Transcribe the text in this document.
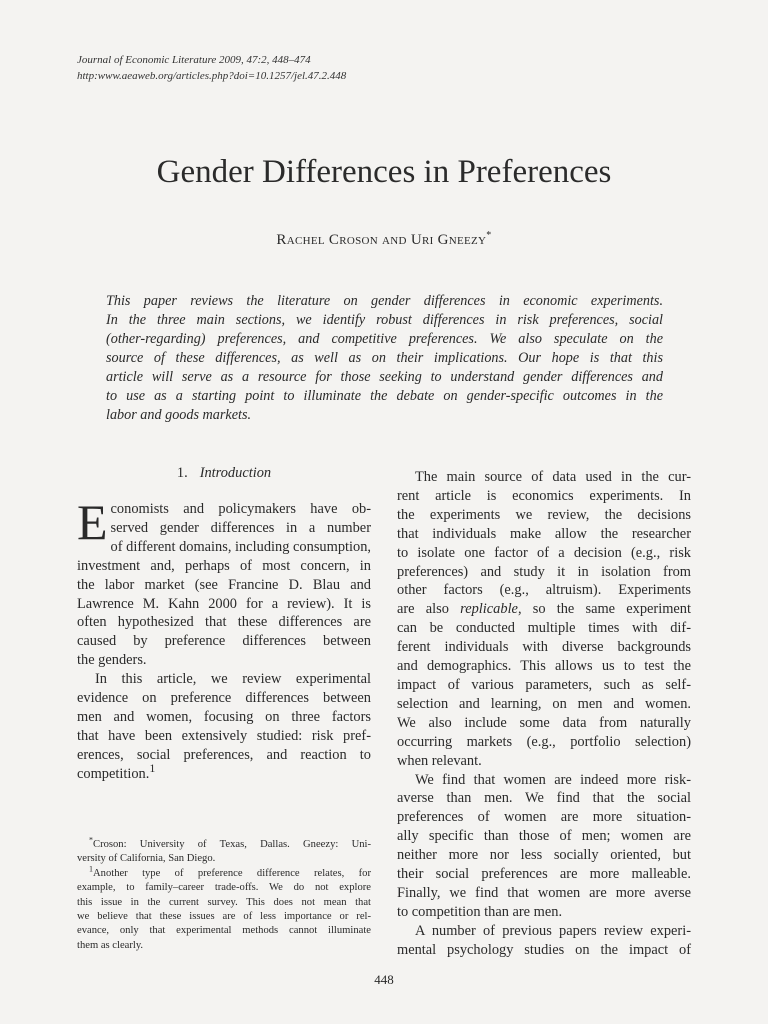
Journal of Economic Literature 2009, 47:2, 448–474
http:www.aeaweb.org/articles.php?doi=10.1257/jel.47.2.448
Gender Differences in Preferences
Rachel Croson and Uri Gneezy*
This paper reviews the literature on gender differences in economic experiments.
In the three main sections, we identify robust differences in risk preferences, social
(other-regarding) preferences, and competitive preferences. We also speculate on the
source of these differences, as well as on their implications. Our hope is that this
article will serve as a resource for those seeking to understand gender differences and
to use as a starting point to illuminate the debate on gender-specific outcomes in the
labor and goods markets.
1. Introduction
E conomists and policymakers have ob-
served gender differences in a number
of different domains, including consumption,
investment and, perhaps of most concern, in
the labor market (see Francine D. Blau and
Lawrence M. Kahn 2000 for a review). It is
often hypothesized that these differences are
caused by preference differences between
the genders.
In this article, we review experimental
evidence on preference differences between
men and women, focusing on three factors
that have been extensively studied: risk pref-
erences, social preferences, and reaction to
competition.$^1$
*Croson: University of Texas, Dallas. Gneezy: Uni-
versity of California, San Diego.
$^1$Another type of preference difference relates, for
example, to family–career trade-offs. We do not explore
this issue in the current survey. This does not mean that
we believe that these issues are of less importance or rel-
evance, only that experimental methods cannot illuminate
them as clearly.
The main source of data used in the cur-
rent article is economics experiments. In
the experiments we review, the decisions
that individuals make allow the researcher
to isolate one factor of a decision (e.g., risk
preferences) and study it in isolation from
other factors (e.g., altruism). Experiments
are also replicable, so the same experiment
can be conducted multiple times with dif-
ferent individuals with diverse backgrounds
and demographics. This allows us to test the
impact of various parameters, such as self-
selection and learning, on men and women.
We also include some data from naturally
occurring markets (e.g., portfolio selection)
when relevant.
We find that women are indeed more risk-
averse than men. We find that the social
preferences of women are more situation-
ally specific than those of men; women are
neither more nor less socially oriented, but
their social preferences are more malleable.
Finally, we find that women are more averse
to competition than are men.
A number of previous papers review experi-
mental psychology studies on the impact of
448
